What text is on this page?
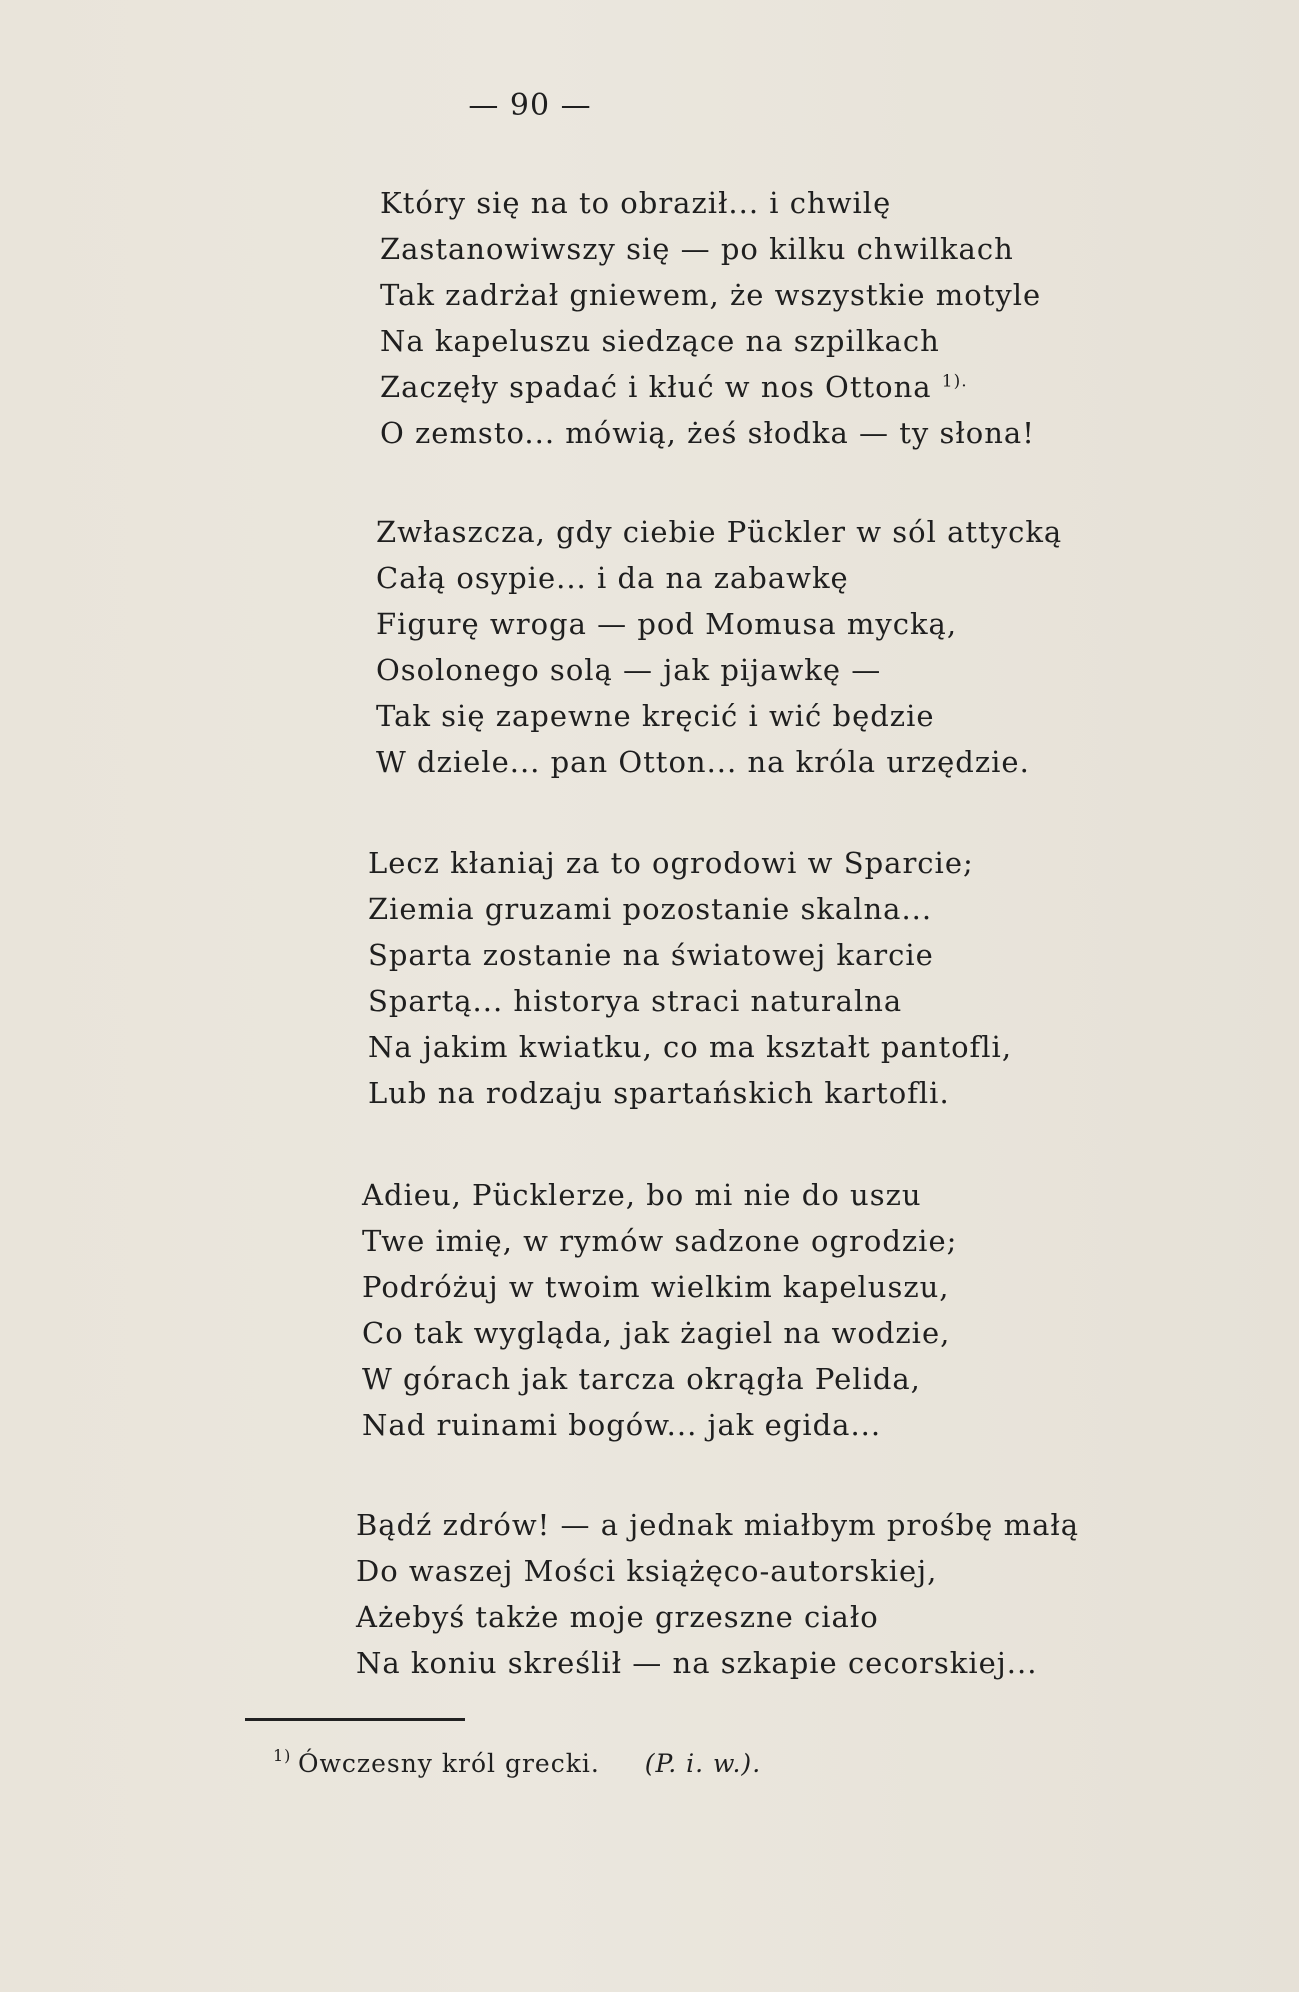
— 90 —
Który się na to obraził... i chwilę
Zastanowiwszy się — po kilku chwilkach
Tak zadrżał gniewem, że wszystkie motyle
Na kapeluszu siedzące na szpilkach
Zaczęły spadać i kłuć w nos Ottona $^{1).}$
O zemsto... mówią, żeś słodka — ty słona!
Zwłaszcza, gdy ciebie Pückler w sól attycką
Całą osypie... i da na zabawkę
Figurę wroga — pod Momusa mycką,
Osolonego solą — jak pijawkę —
Tak się zapewne kręcić i wić będzie
W dziele... pan Otton... na króla urzędzie.
Lecz kłaniaj za to ogrodowi w Sparcie;
Ziemia gruzami pozostanie skalna...
Sparta zostanie na światowej karcie
Spartą... historya straci naturalna
Na jakim kwiatku, co ma kształt pantofli,
Lub na rodzaju spartańskich kartofli.
Adieu, Pücklerze, bo mi nie do uszu
Twe imię, w rymów sadzone ogrodzie;
Podróżuj w twoim wielkim kapeluszu,
Co tak wygląda, jak żagiel na wodzie,
W górach jak tarcza okrągła Pelida,
Nad ruinami bogów... jak egida...
Bądź zdrów! — a jednak miałbym prośbę małą
Do waszej Mości książęco-autorskiej,
Ażebyś także moje grzeszne ciało
Na koniu skreślił — na szkapie cecorskiej...
1) Ówczesny król grecki. (P. i. w.).
